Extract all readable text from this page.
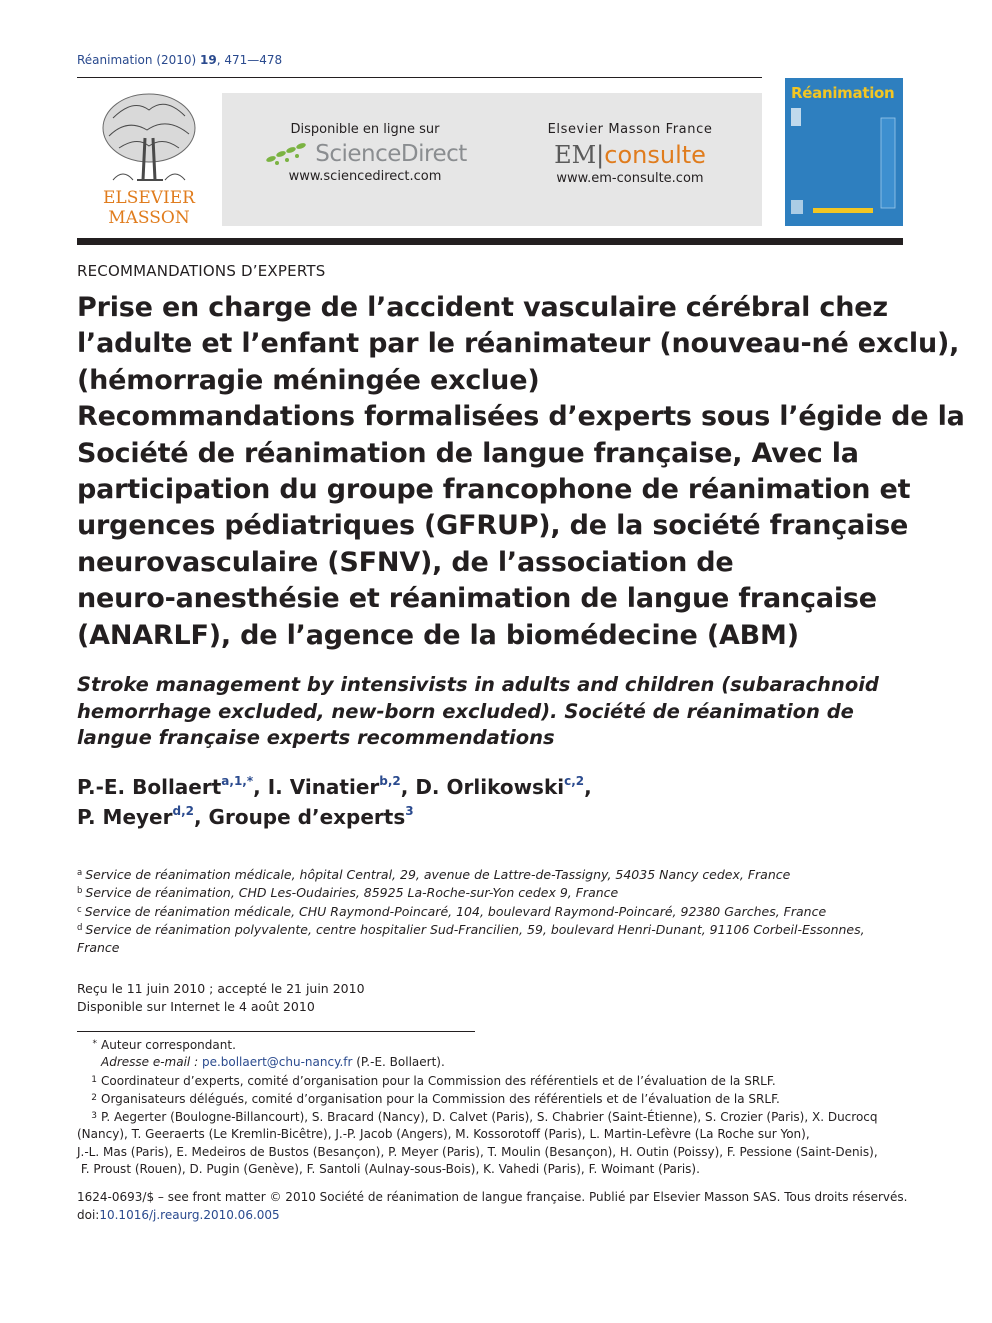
Réanimation (2010) 19, 471—478
ELSEVIER
MASSON
Disponible en ligne sur
ScienceDirect
www.sciencedirect.com
Elsevier Masson France
EM|consulte
www.em-consulte.com
Réanimation
RECOMMANDATIONS D’EXPERTS
Prise en charge de l’accident vasculaire cérébral chez
l’adulte et l’enfant par le réanimateur (nouveau-né exclu),
(hémorragie méningée exclue)
Recommandations formalisées d’experts sous l’égide de la
Société de réanimation de langue française, Avec la
participation du groupe francophone de réanimation et
urgences pédiatriques (GFRUP), de la société française
neurovasculaire (SFNV), de l’association de
neuro-anesthésie et réanimation de langue française
(ANARLF), de l’agence de la biomédecine (ABM)
Stroke management by intensivists in adults and children (subarachnoid
hemorrhage excluded, new-born excluded). Société de réanimation de
langue française experts recommendations
P.-E. Bollaert$^{a,1,*}$, I. Vinatier$^{b,2}$, D. Orlikowski$^{c,2}$,
P. Meyer$^{d,2}$, Groupe d’experts$^3$
$^a$ Service de réanimation médicale, hôpital Central, 29, avenue de Lattre-de-Tassigny, 54035 Nancy cedex, France
$^b$ Service de réanimation, CHD Les-Oudairies, 85925 La-Roche-sur-Yon cedex 9, France
$^c$ Service de réanimation médicale, CHU Raymond-Poincaré, 104, boulevard Raymond-Poincaré, 92380 Garches, France
$^d$ Service de réanimation polyvalente, centre hospitalier Sud-Francilien, 59, boulevard Henri-Dunant, 91106 Corbeil-Essonnes,
France
Reçu le 11 juin 2010 ; accepté le 21 juin 2010
Disponible sur Internet le 4 août 2010
* Auteur correspondant.
Adresse e-mail : pe.bollaert@chu-nancy.fr (P.-E. Bollaert).
1 Coordinateur d’experts, comité d’organisation pour la Commission des référentiels et de l’évaluation de la SRLF.
2 Organisateurs délégués, comité d’organisation pour la Commission des référentiels et de l’évaluation de la SRLF.
3 P. Aegerter (Boulogne-Billancourt), S. Bracard (Nancy), D. Calvet (Paris), S. Chabrier (Saint-Étienne), S. Crozier (Paris), X. Ducrocq
(Nancy), T. Geeraerts (Le Kremlin-Bicêtre), J.-P. Jacob (Angers), M. Kossorotoff (Paris), L. Martin-Lefèvre (La Roche sur Yon),
J.-L. Mas (Paris), E. Medeiros de Bustos (Besançon), P. Meyer (Paris), T. Moulin (Besançon), H. Outin (Poissy), F. Pessione (Saint-Denis),
F. Proust (Rouen), D. Pugin (Genève), F. Santoli (Aulnay-sous-Bois), K. Vahedi (Paris), F. Woimant (Paris).
1624-0693/$ – see front matter © 2010 Société de réanimation de langue française. Publié par Elsevier Masson SAS. Tous droits réservés.
doi:10.1016/j.reaurg.2010.06.005
